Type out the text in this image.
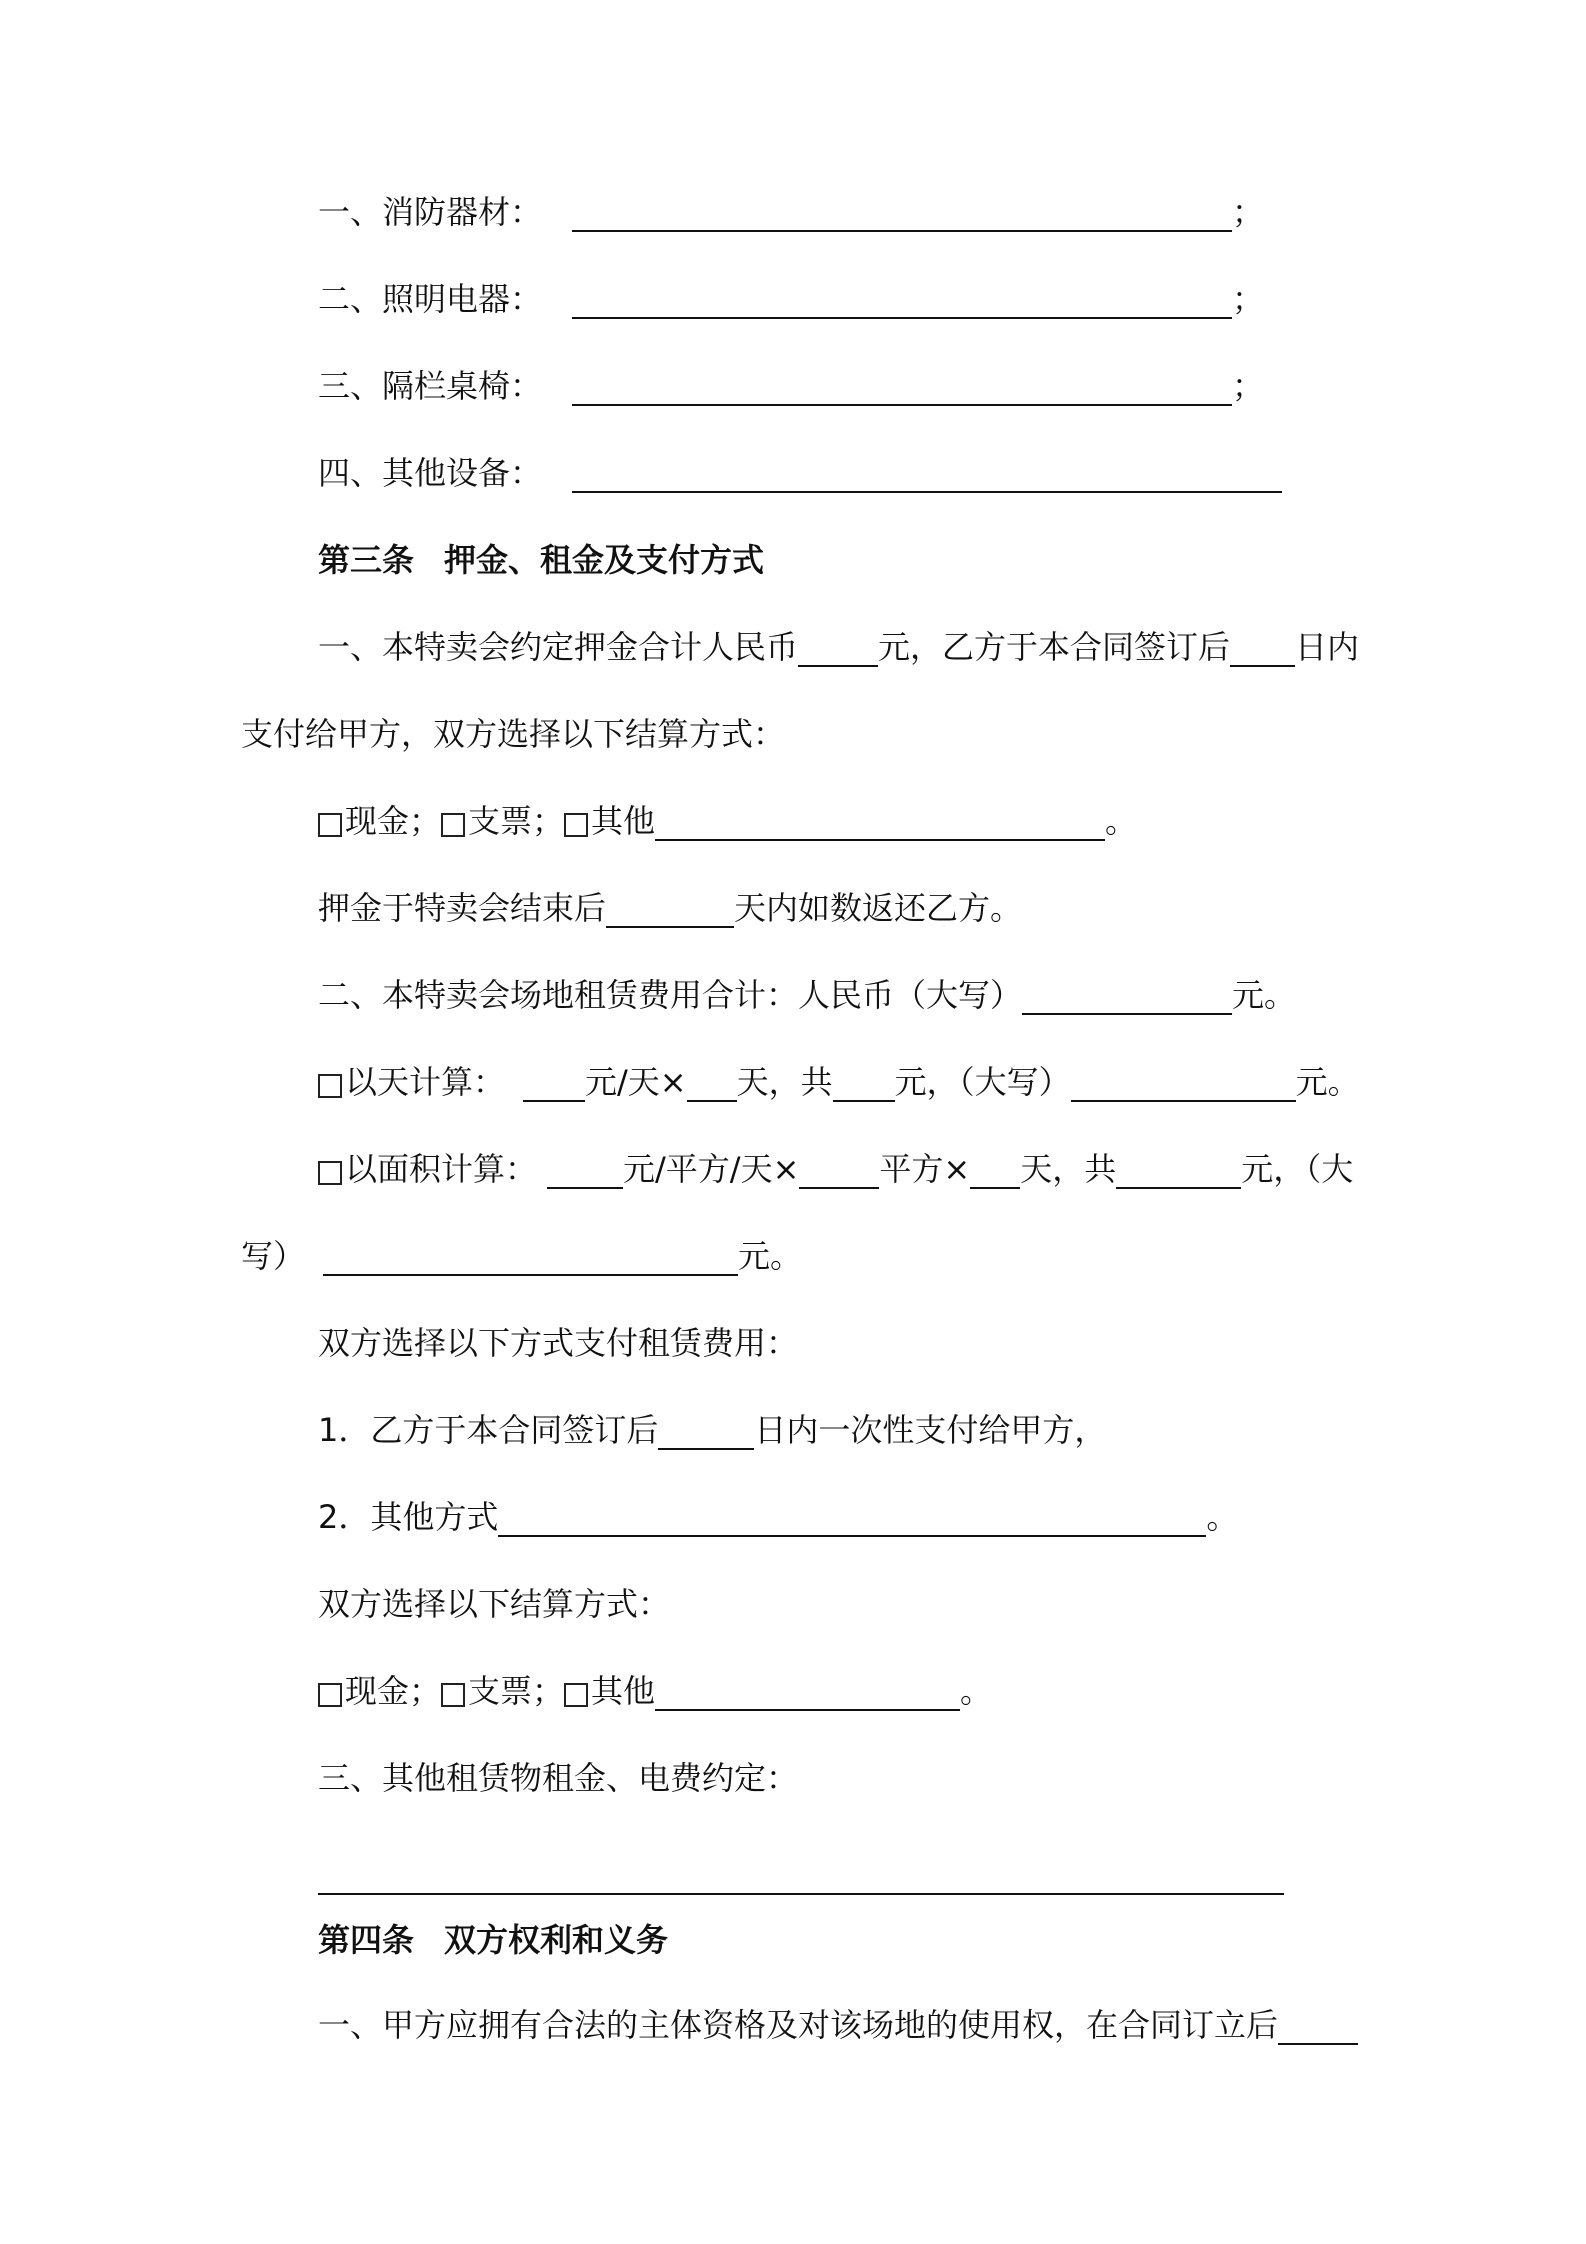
一、消防器材：	；
二、照明电器：	；
三、隔栏桌椅：	；
四、其他设备：
第三条 押金、租金及支付方式
一、本特卖会约定押金合计人民币	元，乙方于本合同签订后 日内
支付给甲方，双方选择以下结算方式：
现金； 支票； 其他	。
押金于特卖会结束后	天内如数返还乙方。
二、本特卖会场地租赁费用合计：人民币（大写）	元。
以天计算：	元/天× 天，共 元，（大写）	元。
以面积计算：	元/平方/天×	平方× 天，共	元，（大
写）	元。
双方选择以下方式支付租赁费用：
1．乙方于本合同签订后	日内一次性支付给甲方，
2．其他方式	。
双方选择以下结算方式：
现金； 支票； 其他	。
三、其他租赁物租金、电费约定：
第四条 双方权利和义务
一、甲方应拥有合法的主体资格及对该场地的使用权，在合同订立后
